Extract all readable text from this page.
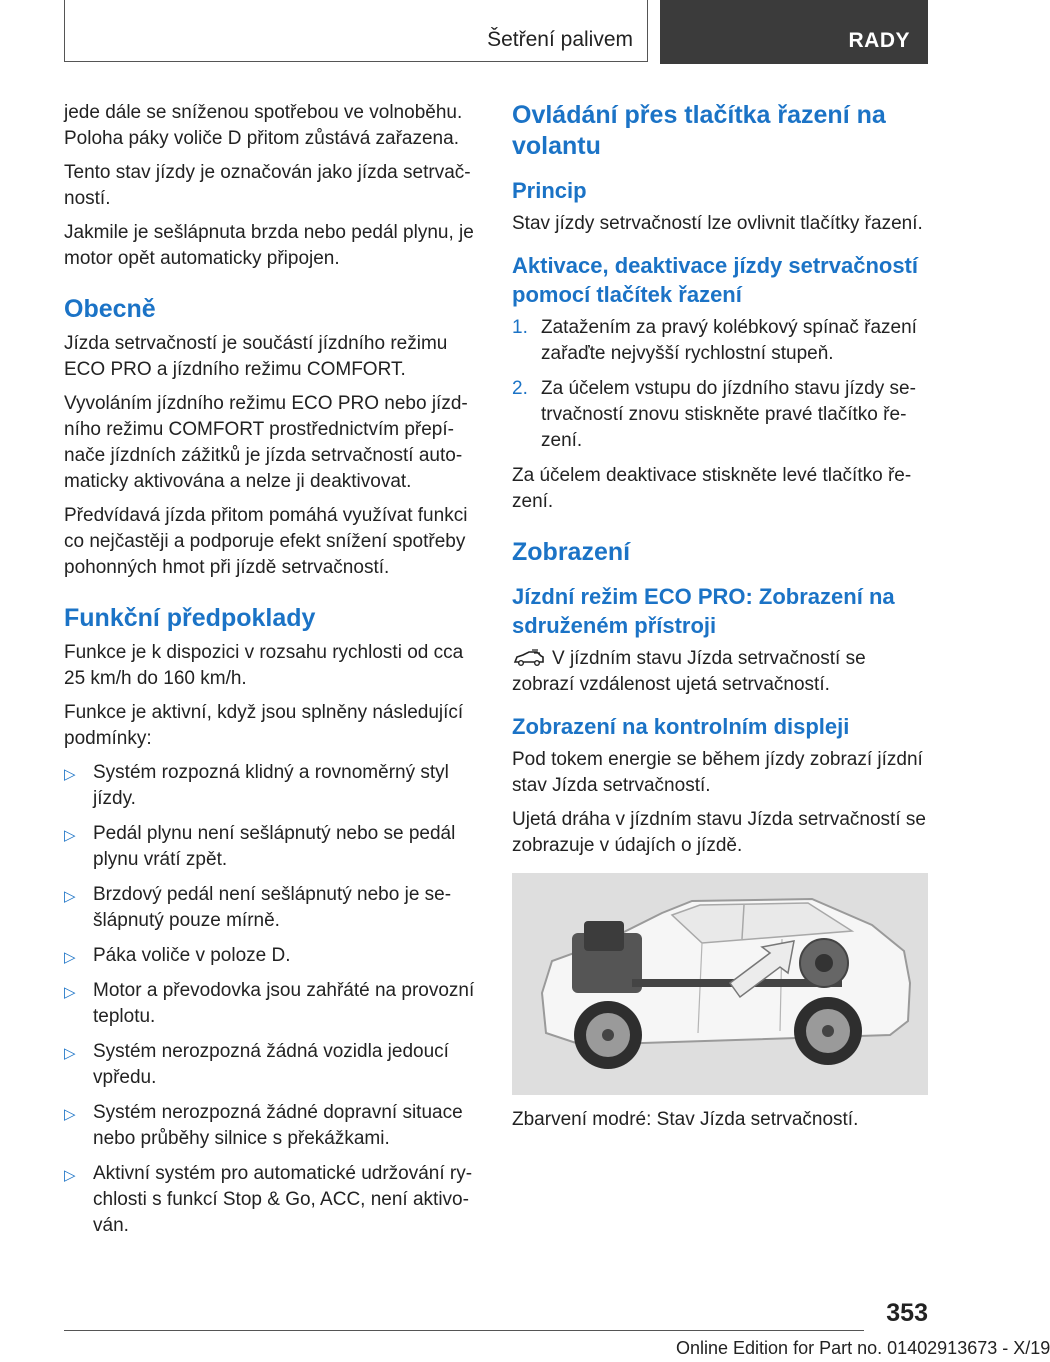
Šetření palivem	RADY

jede dále se sníženou spotřebou ve volnoběhu. Poloha páky voliče D přitom zůstává zařazena.

Tento stav jízdy je označován jako jízda setrvačností.

Jakmile je sešlápnuta brzda nebo pedál plynu, je motor opět automaticky připojen.

Obecně

Jízda setrvačností je součástí jízdního režimu ECO PRO a jízdního režimu COMFORT.

Vyvoláním jízdního režimu ECO PRO nebo jízdního režimu COMFORT prostřednictvím přepínače jízdních zážitků je jízda setrvačností automaticky aktivována a nelze ji deaktivovat.

Předvídavá jízda přitom pomáhá využívat funkci co nejčastěji a podporuje efekt snížení spotřeby pohonných hmot při jízdě setrvačností.

Funkční předpoklady

Funkce je k dispozici v rozsahu rychlosti od cca 25 km/h do 160 km/h.

Funkce je aktivní, když jsou splněny následující podmínky:

▷ Systém rozpozná klidný a rovnoměrný styl jízdy.
▷ Pedál plynu není sešlápnutý nebo se pedál plynu vrátí zpět.
▷ Brzdový pedál není sešlápnutý nebo je sešlápnutý pouze mírně.
▷ Páka voliče v poloze D.
▷ Motor a převodovka jsou zahřáté na provozní teplotu.
▷ Systém nerozpozná žádná vozidla jedoucí vpředu.
▷ Systém nerozpozná žádné dopravní situace nebo průběhy silnice s překážkami.
▷ Aktivní systém pro automatické udržování rychlosti s funkcí Stop & Go, ACC, není aktivován.
Ovládání přes tlačítka řazení na volantu
Princip

Stav jízdy setrvačností lze ovlivnit tlačítky řazení.

Aktivace, deaktivace jízdy setrvačností pomocí tlačítek řazení
1. Zatažením za pravý kolébkový spínač řazení zařaďte nejvyšší rychlostní stupeň.
2. Za účelem vstupu do jízdního stavu jízdy setrvačností znovu stiskněte pravé tlačítko řezení.

Za účelem deaktivace stiskněte levé tlačítko řezení.

Zobrazení
Jízdní režim ECO PRO: Zobrazení na sdruženém přístroji

V jízdním stavu Jízda setrvačností se zobrazí vzdálenost ujetá setrvačností.

Zobrazení na kontrolním displeji

Pod tokem energie se během jízdy zobrazí jízdní stav Jízda setrvačností.

Ujetá dráha v jízdním stavu Jízda setrvačností se zobrazuje v údajích o jízdě.

Zbarvení modré: Stav Jízda setrvačností.

353
Online Edition for Part no. 01402913673 - X/19
